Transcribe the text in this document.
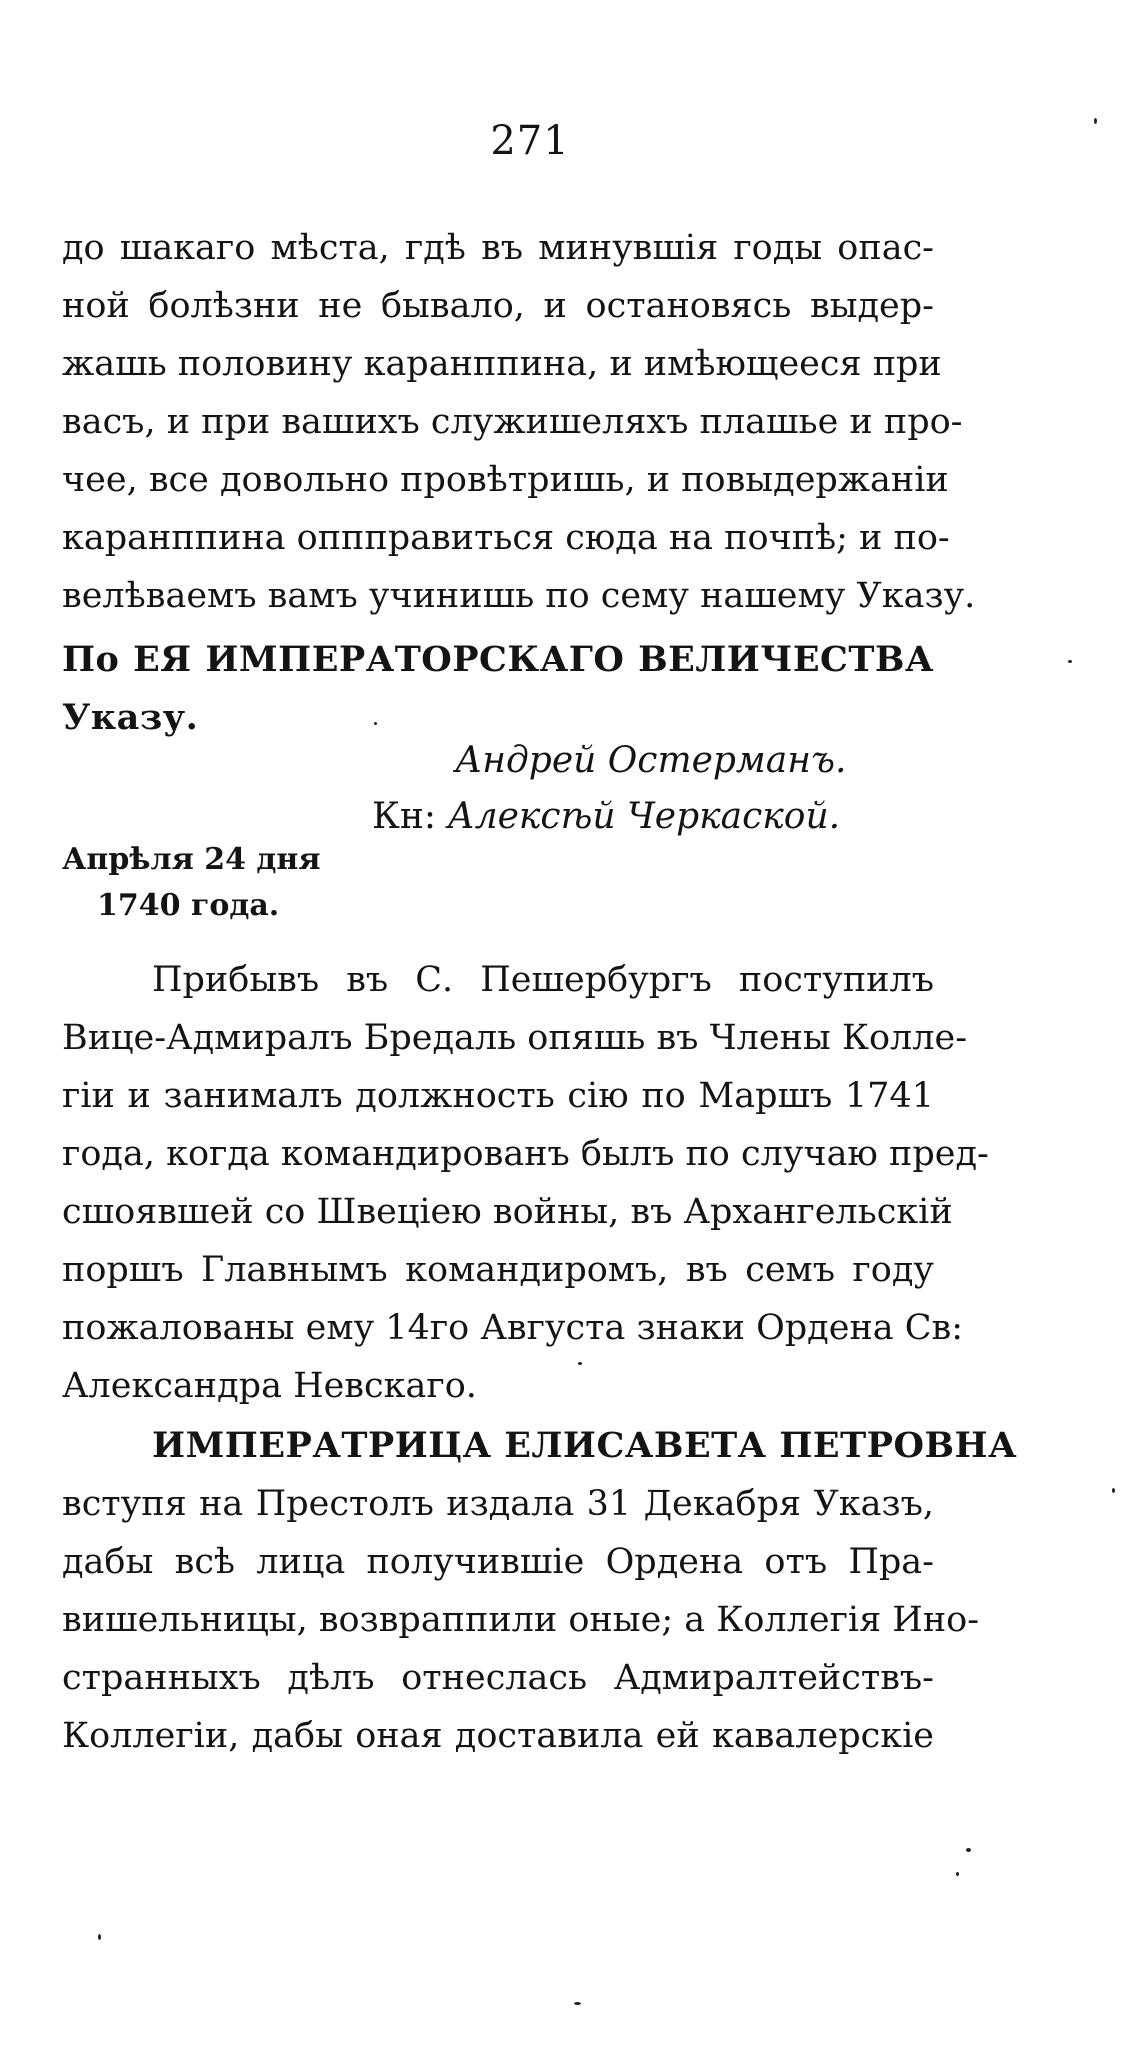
271
до шакаго мѣста, гдѣ въ минувшія годы опас-
ной болѣзни не бывало, и остановясь выдер-
жашь половину каранппина, и имѣющееся при
васъ, и при вашихъ служишеляхъ плашье и про-
чее, все довольно провѣтришь, и повыдержаніи
каранппина оппправиться сюда на почпѣ; и по-
велѣваемъ вамъ учинишь по сему нашему Указу.
По ЕЯ ИМПЕРАТОРСКАГО ВЕЛИЧЕСТВА
Указу.
Андрей Остерманъ.
Кн: Алексѣй Черкаской.
Апрѣля 24 дня
1740 года.
Прибывъ въ С. Пешербургъ поступилъ
Вице-Адмиралъ Бредаль опяшь въ Члены Колле-
гіи и занималъ должность сію по Маршъ 1741
года, когда командированъ былъ по случаю пред-
сшоявшей со Швеціею войны, въ Архангельскій
поршъ Главнымъ командиромъ, въ семъ году
пожалованы ему 14го Августа знаки Ордена Св:
Александра Невскаго.
ИМПЕРАТРИЦА ЕЛИСАВЕТА ПЕТРОВНА
вступя на Престолъ издала 31 Декабря Указъ,
дабы всѣ лица получившіе Ордена отъ Пра-
вишельницы, возвраппили оные; а Коллегія Ино-
странныхъ дѣлъ отнеслась Адмиралтействъ-
Коллегіи, дабы оная доставила ей кавалерскіе
